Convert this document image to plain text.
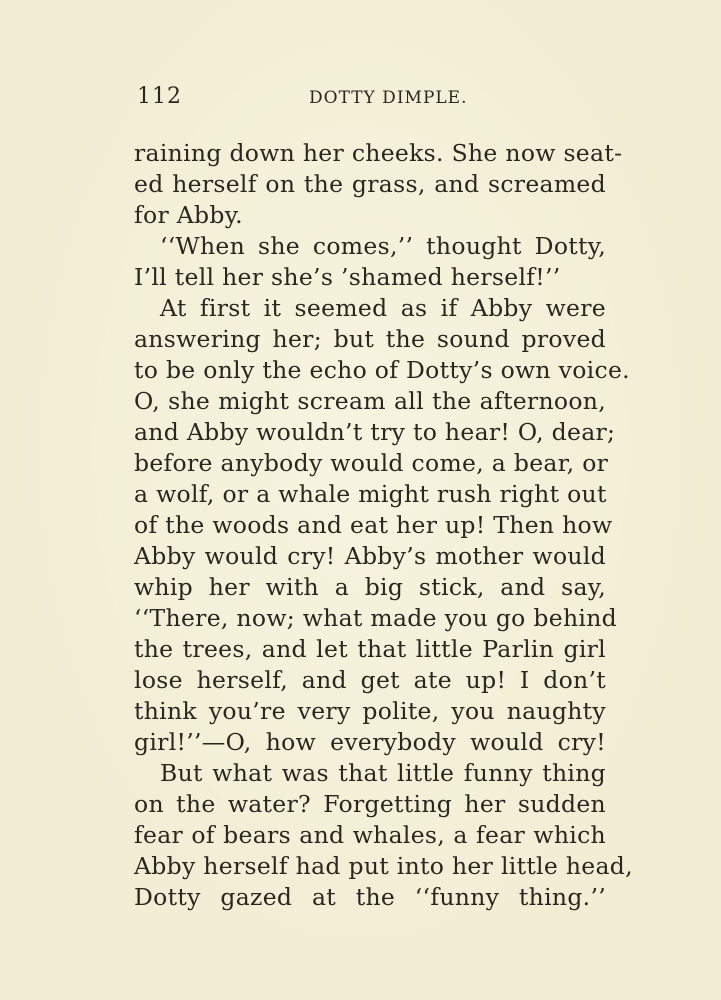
112	DOTTY DIMPLE.
raining down her cheeks. She now seat-
ed herself on the grass, and screamed
for Abby.
‘‘When she comes,’’ thought Dotty,
I’ll tell her she’s ’shamed herself!’’
At first it seemed as if Abby were
answering her; but the sound proved
to be only the echo of Dotty’s own voice.
O, she might scream all the afternoon,
and Abby wouldn’t try to hear! O, dear;
before anybody would come, a bear, or
a wolf, or a whale might rush right out
of the woods and eat her up! Then how
Abby would cry! Abby’s mother would
whip her with a big stick, and say,
‘‘There, now; what made you go behind
the trees, and let that little Parlin girl
lose herself, and get ate up! I don’t
think you’re very polite, you naughty
girl!’’—O, how everybody would cry!
But what was that little funny thing
on the water? Forgetting her sudden
fear of bears and whales, a fear which
Abby herself had put into her little head,
Dotty gazed at the ‘‘funny thing.’’
